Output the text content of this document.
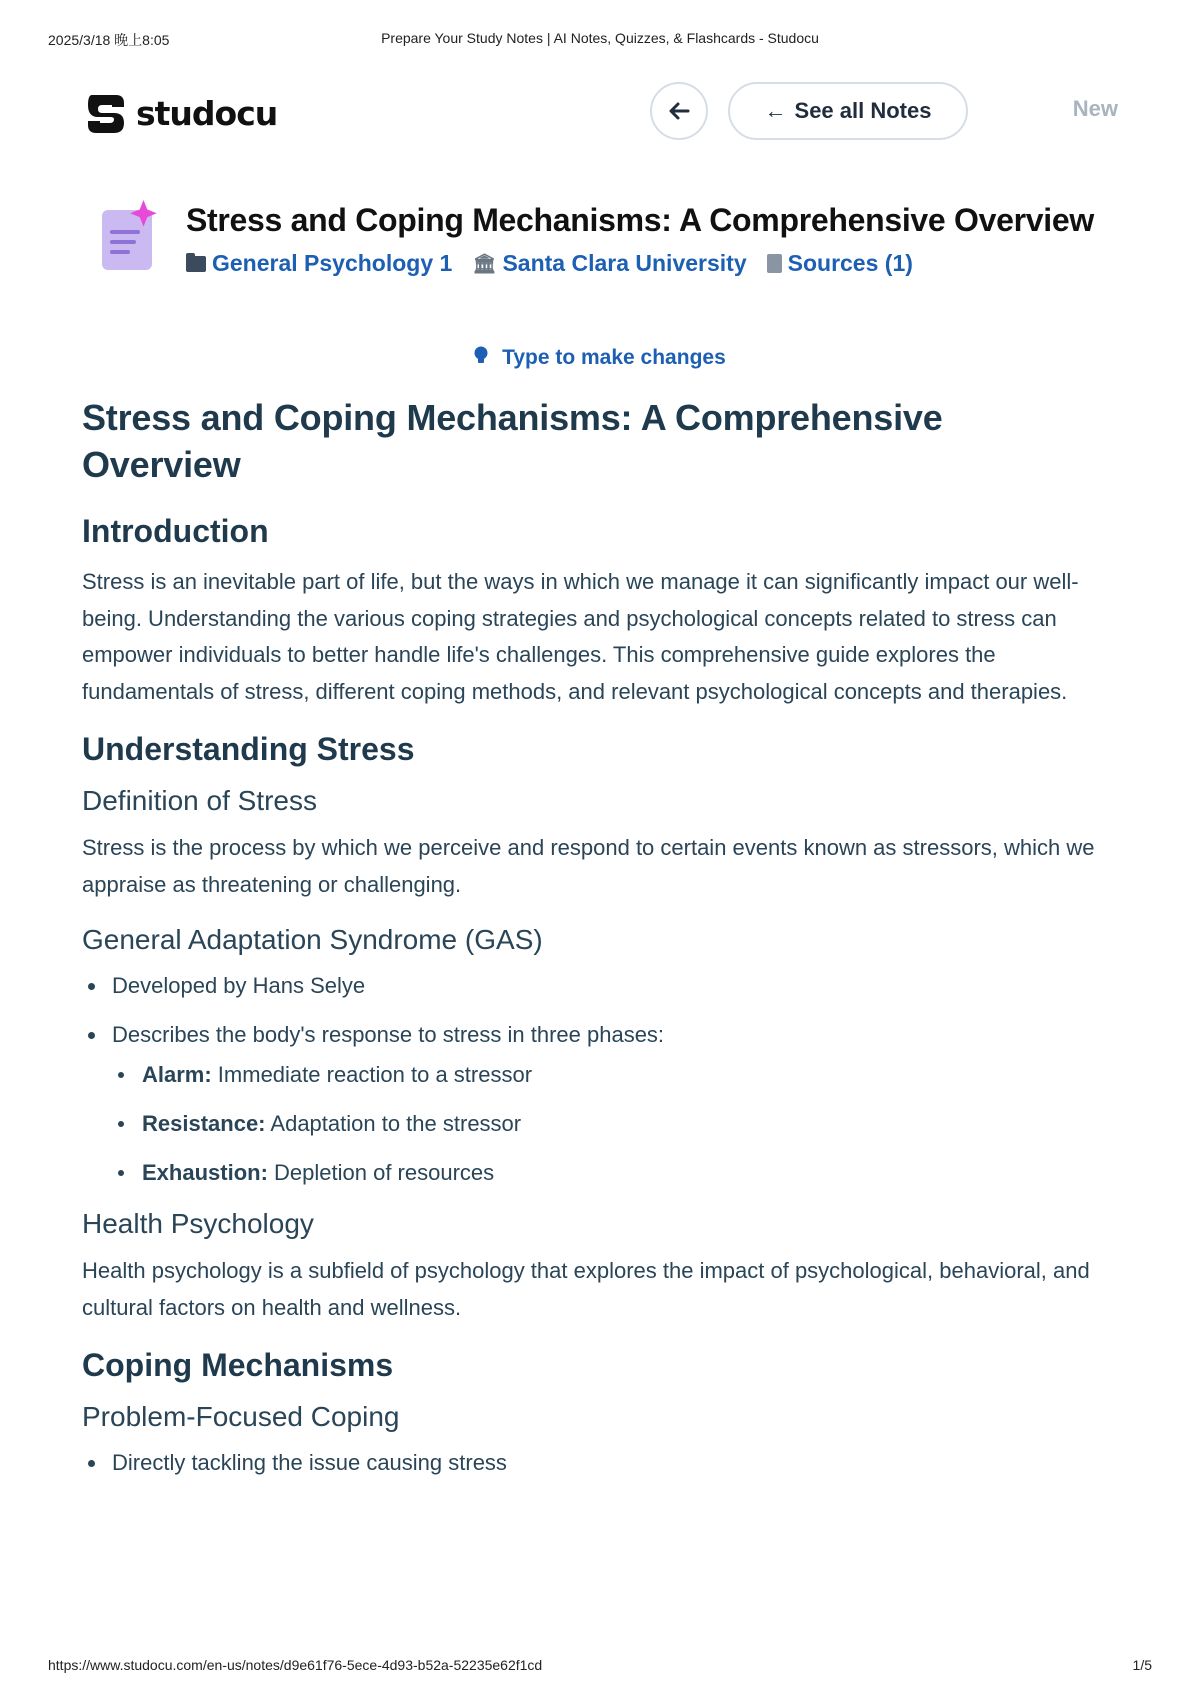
2025/3/18 晚上8:05	Prepare Your Study Notes | AI Notes, Quizzes, & Flashcards - Studocu
studocu	← See all Notes	New
Stress and Coping Mechanisms: A Comprehensive Overview
General Psychology 1 🏛 Santa Clara University Sources (1)
Type to make changes
Stress and Coping Mechanisms: A Comprehensive Overview
Introduction
Stress is an inevitable part of life, but the ways in which we manage it can significantly impact our well-being. Understanding the various coping strategies and psychological concepts related to stress can empower individuals to better handle life's challenges. This comprehensive guide explores the fundamentals of stress, different coping methods, and relevant psychological concepts and therapies.
Understanding Stress
Definition of Stress
Stress is the process by which we perceive and respond to certain events known as stressors, which we appraise as threatening or challenging.
General Adaptation Syndrome (GAS)
Developed by Hans Selye
Describes the body's response to stress in three phases:
Alarm: Immediate reaction to a stressor
Resistance: Adaptation to the stressor
Exhaustion: Depletion of resources
Health Psychology
Health psychology is a subfield of psychology that explores the impact of psychological, behavioral, and cultural factors on health and wellness.
Coping Mechanisms
Problem-Focused Coping
Directly tackling the issue causing stress
https://www.studocu.com/en-us/notes/d9e61f76-5ece-4d93-b52a-52235e62f1cd	1/5
